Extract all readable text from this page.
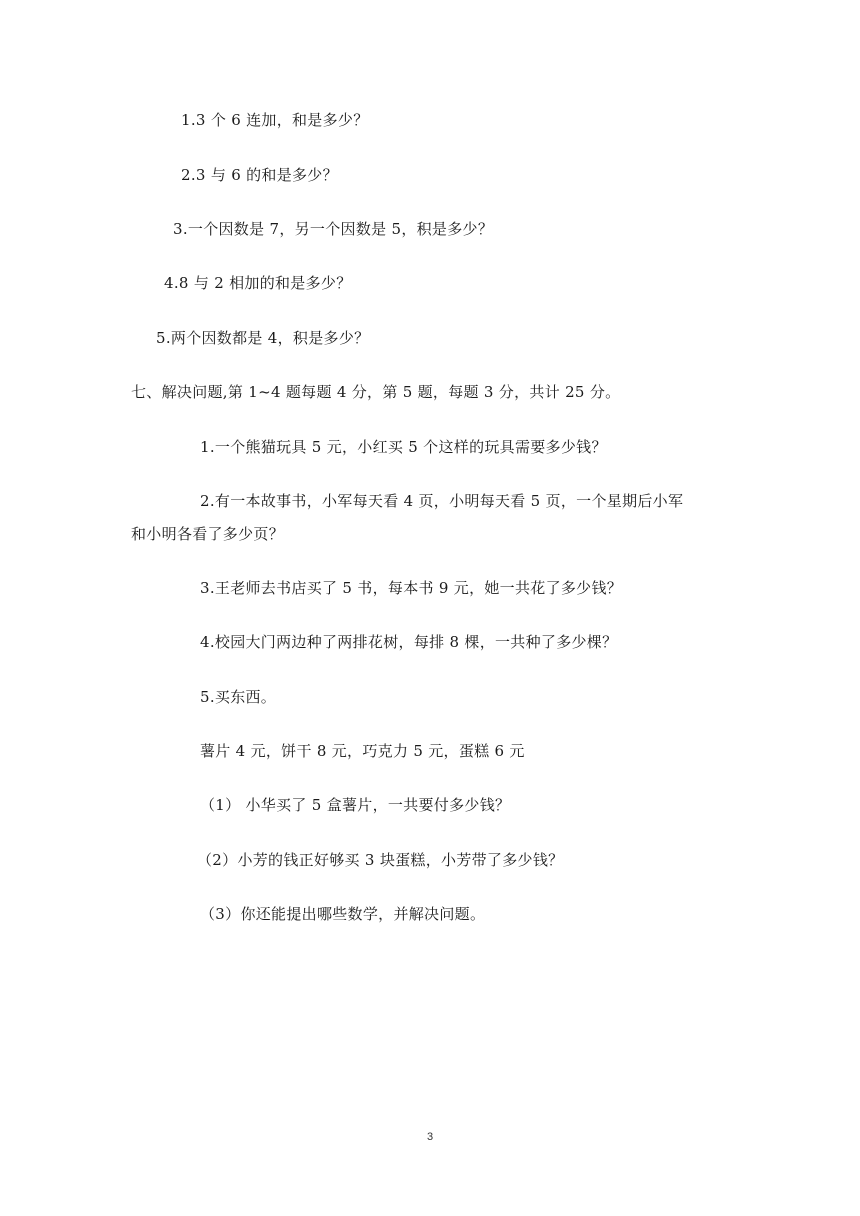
1.3 个 6 连加，和是多少？
2.3 与 6 的和是多少？
3.一个因数是 7，另一个因数是 5，积是多少？
4.8 与 2 相加的和是多少？
5.两个因数都是 4，积是多少？
七、解决问题,第 1~4 题每题 4 分，第 5 题，每题 3 分，共计 25 分。
1.一个熊猫玩具 5 元，小红买 5 个这样的玩具需要多少钱？
2.有一本故事书，小军每天看 4 页，小明每天看 5 页，一个星期后小军
和小明各看了多少页？
3.王老师去书店买了 5 书，每本书 9 元，她一共花了多少钱？
4.校园大门两边种了两排花树，每排 8 棵，一共种了多少棵？
5.买东西。
薯片 4 元，饼干 8 元，巧克力 5 元，蛋糕 6 元
（1） 小华买了 5 盒薯片，一共要付多少钱？
（2）小芳的钱正好够买 3 块蛋糕，小芳带了多少钱？
（3）你还能提出哪些数学，并解决问题。
3
